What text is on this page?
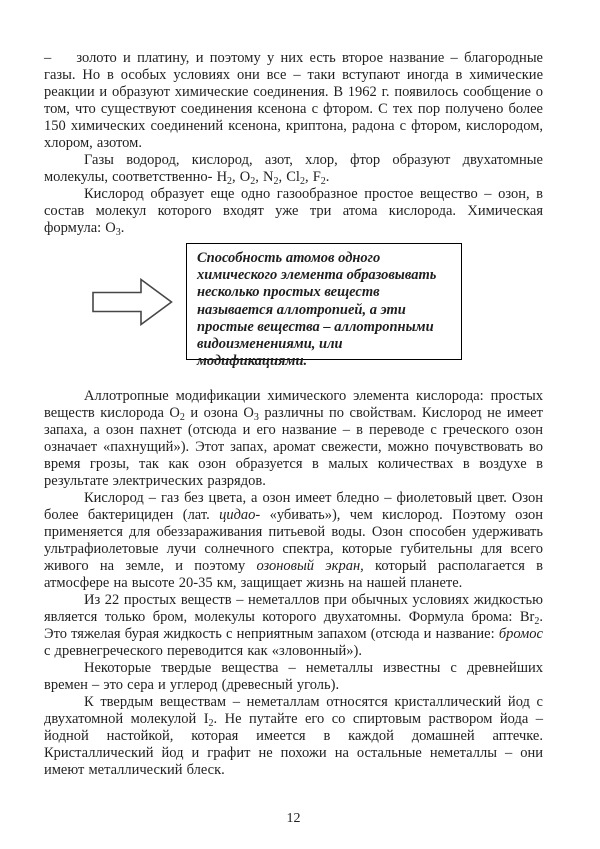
–    золото и платину, и поэтому у них есть второе название – благородные газы. Но в особых условиях они все – таки вступают иногда в химические реакции и образуют химические соединения. В 1962 г. появилось сообщение о том, что существуют соединения ксенона с фтором. С тех пор получено более 150 химических соединений ксенона, криптона, радона с фтором, кислородом, хлором, азотом.

Газы водород, кислород, азот, хлор, фтор образуют двухатомные молекулы, соответственно- $H_2$, $O_2$, $N_2$, $Cl_2$, $F_2$.

Кислород образует еще одно газообразное простое вещество – озон, в состав молекул которого входят уже три атома кислорода. Химическая формула: $O_3$.

Способность атомов одного химического элемента образовывать несколько простых веществ называется аллотропией, а эти простые вещества – аллотропными видоизменениями, или модификациями.

Аллотропные модификации химического элемента кислорода: простых веществ кислорода $O_2$ и озона $O_3$ различны по свойствам. Кислород не имеет запаха, а озон пахнет (отсюда и его название – в переводе с греческого озон означает «пахнущий»). Этот запах, аромат свежести, можно почувствовать во время грозы, так как озон образуется в малых количествах в воздухе в результате электрических разрядов.

Кислород – газ без цвета, а озон имеет бледно – фиолетовый цвет. Озон более бактерициден (лат. цидао- «убивать»), чем кислород. Поэтому озон применяется для обеззараживания питьевой воды. Озон способен удерживать ультрафиолетовые лучи солнечного спектра, которые губительны для всего живого на земле, и поэтому озоновый экран, который располагается в атмосфере на высоте 20-35 км, защищает жизнь на нашей планете.

Из 22 простых веществ – неметаллов при обычных условиях жидкостью является только бром, молекулы которого двухатомны. Формула брома: $Br_2$. Это тяжелая бурая жидкость с неприятным запахом (отсюда и название: бромос с древнегреческого переводится как «зловонный»).

Некоторые твердые вещества – неметаллы известны с древнейших времен – это сера и углерод (древесный уголь).

К твердым веществам – неметаллам относятся кристаллический йод с двухатомной молекулой $I_2$. Не путайте его со спиртовым раствором йода – йодной настойкой, которая имеется в каждой домашней аптечке. Кристаллический йод и графит не похожи на остальные неметаллы – они имеют металлический блеск.

12
